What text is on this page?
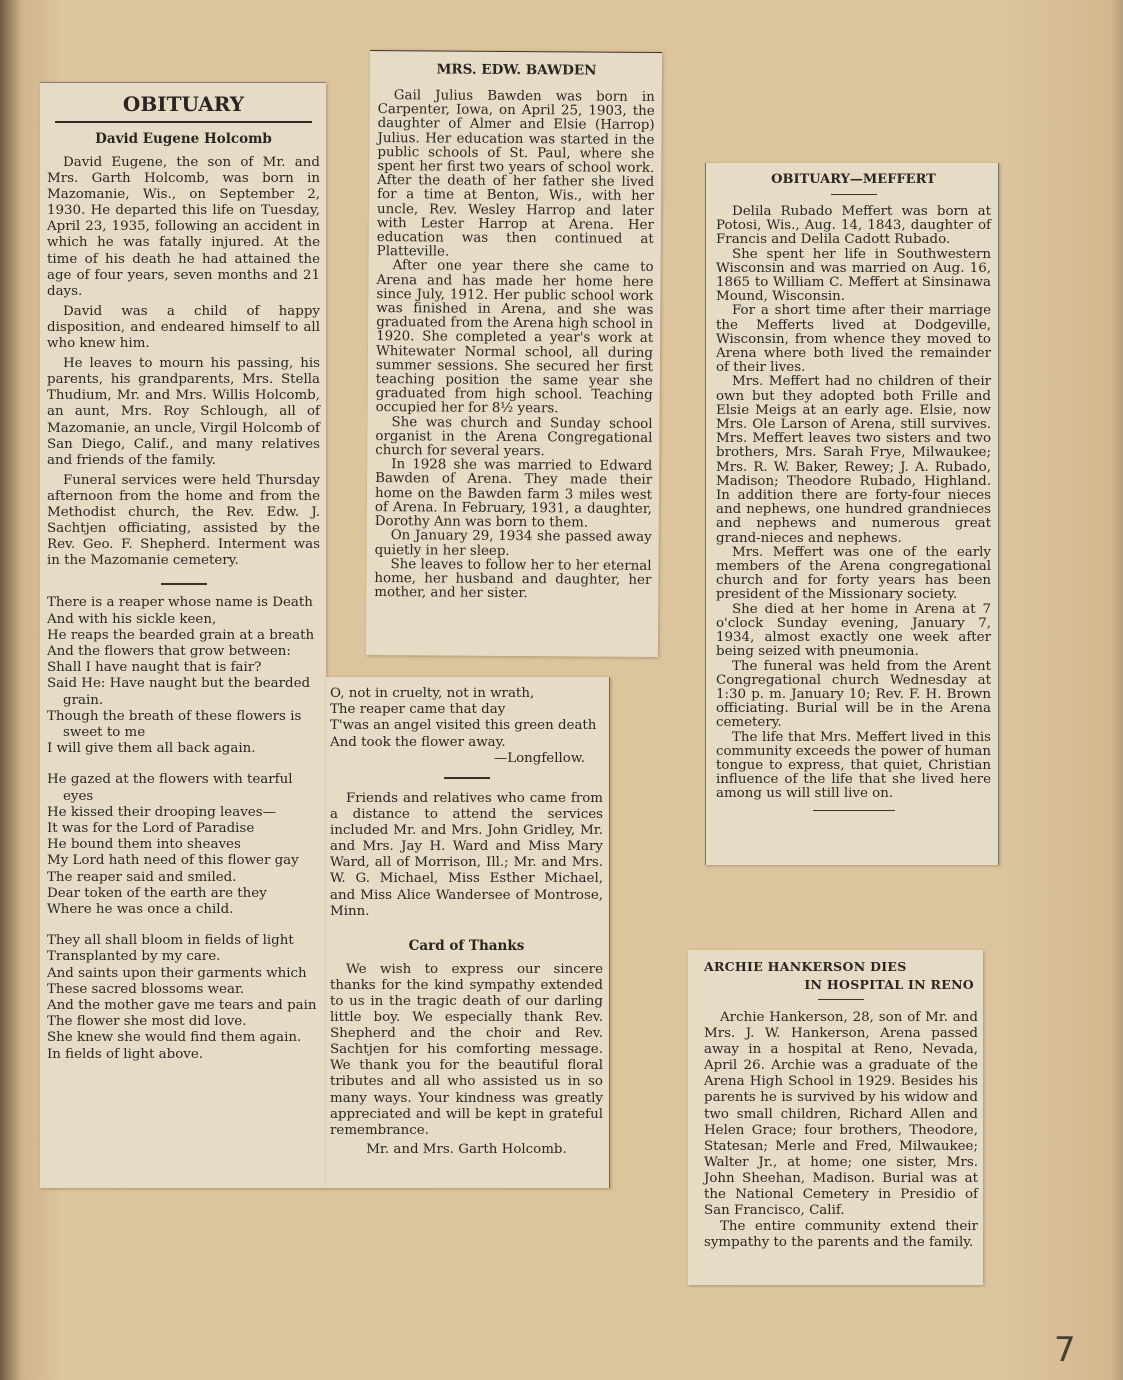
OBITUARY
David Eugene Holcomb

David Eugene, the son of Mr. and Mrs. Garth Holcomb, was born in Mazomanie, Wis., on September 2, 1930. He departed this life on Tuesday, April 23, 1935, following an accident in which he was fatally injured. At the time of his death he had attained the age of four years, seven months and 21 days.

David was a child of happy disposition, and endeared himself to all who knew him.

He leaves to mourn his passing, his parents, his grandparents, Mrs. Stella Thudium, Mr. and Mrs. Willis Holcomb, an aunt, Mrs. Roy Schlough, all of Mazomanie, an uncle, Virgil Holcomb of San Diego, Calif., and many relatives and friends of the family.

Funeral services were held Thursday afternoon from the home and from the Methodist church, the Rev. Edw. J. Sachtjen officiating, assisted by the Rev. Geo. F. Shepherd. Interment was in the Mazomanie cemetery.

There is a reaper whose name is Death
And with his sickle keen,
He reaps the bearded grain at a breath
And the flowers that grow between:
Shall I have naught that is fair?
Said He: Have naught but the bearded grain.
Though the breath of these flowers is sweet to me
I will give them all back again.
He gazed at the flowers with tearful eyes
He kissed their drooping leaves—
It was for the Lord of Paradise
He bound them into sheaves
My Lord hath need of this flower gay
The reaper said and smiled.
Dear token of the earth are they
Where he was once a child.
They all shall bloom in fields of light
Transplanted by my care.
And saints upon their garments which
These sacred blossoms wear.
And the mother gave me tears and pain
The flower she most did love.
She knew she would find them again.
In fields of light above.
O, not in cruelty, not in wrath,
The reaper came that day
T'was an angel visited this green death
And took the flower away.
—Longfellow.

Friends and relatives who came from a distance to attend the services included Mr. and Mrs. John Gridley, Mr. and Mrs. Jay H. Ward and Miss Mary Ward, all of Morrison, Ill.; Mr. and Mrs. W. G. Michael, Miss Esther Michael, and Miss Alice Wandersee of Montrose, Minn.

Card of Thanks

We wish to express our sincere thanks for the kind sympathy extended to us in the tragic death of our darling little boy. We especially thank Rev. Shepherd and the choir and Rev. Sachtjen for his comforting message. We thank you for the beautiful floral tributes and all who assisted us in so many ways. Your kindness was greatly appreciated and will be kept in grateful remembrance.

Mr. and Mrs. Garth Holcomb.
MRS. EDW. BAWDEN

Gail Julius Bawden was born in Carpenter, Iowa, on April 25, 1903, the daughter of Almer and Elsie (Harrop) Julius. Her education was started in the public schools of St. Paul, where she spent her first two years of school work. After the death of her father she lived for a time at Benton, Wis., with her uncle, Rev. Wesley Harrop and later with Lester Harrop at Arena. Her education was then continued at Platteville.

After one year there she came to Arena and has made her home here since July, 1912. Her public school work was finished in Arena, and she was graduated from the Arena high school in 1920. She completed a year's work at Whitewater Normal school, all during summer sessions. She secured her first teaching position the same year she graduated from high school. Teaching occupied her for 8½ years.

She was church and Sunday school organist in the Arena Congregational church for several years.

In 1928 she was married to Edward Bawden of Arena. They made their home on the Bawden farm 3 miles west of Arena. In February, 1931, a daughter, Dorothy Ann was born to them.

On January 29, 1934 she passed away quietly in her sleep.

She leaves to follow her to her eternal home, her husband and daughter, her mother, and her sister.

OBITUARY—MEFFERT

Delila Rubado Meffert was born at Potosi, Wis., Aug. 14, 1843, daughter of Francis and Delila Cadott Rubado.

She spent her life in Southwestern Wisconsin and was married on Aug. 16, 1865 to William C. Meffert at Sinsinawa Mound, Wisconsin.

For a short time after their marriage the Mefferts lived at Dodgeville, Wisconsin, from whence they moved to Arena where both lived the remainder of their lives.

Mrs. Meffert had no children of their own but they adopted both Frille and Elsie Meigs at an early age. Elsie, now Mrs. Ole Larson of Arena, still survives. Mrs. Meffert leaves two sisters and two brothers, Mrs. Sarah Frye, Milwaukee; Mrs. R. W. Baker, Rewey; J. A. Rubado, Madison; Theodore Rubado, Highland. In addition there are forty-four nieces and nephews, one hundred grandnieces and nephews and numerous great grand-nieces and nephews.

Mrs. Meffert was one of the early members of the Arena congregational church and for forty years has been president of the Missionary society.

She died at her home in Arena at 7 o'clock Sunday evening, January 7, 1934, almost exactly one week after being seized with pneumonia.

The funeral was held from the Arent Congregational church Wednesday at 1:30 p. m. January 10; Rev. F. H. Brown officiating. Burial will be in the Arena cemetery.

The life that Mrs. Meffert lived in this community exceeds the power of human tongue to express, that quiet, Christian influence of the life that she lived here among us will still live on.

ARCHIE HANKERSON DIES
IN HOSPITAL IN RENO

Archie Hankerson, 28, son of Mr. and Mrs. J. W. Hankerson, Arena passed away in a hospital at Reno, Nevada, April 26. Archie was a graduate of the Arena High School in 1929. Besides his parents he is survived by his widow and two small children, Richard Allen and Helen Grace; four brothers, Theodore, Statesan; Merle and Fred, Milwaukee; Walter Jr., at home; one sister, Mrs. John Sheehan, Madison. Burial was at the National Cemetery in Presidio of San Francisco, Calif.

The entire community extend their sympathy to the parents and the family.

7
